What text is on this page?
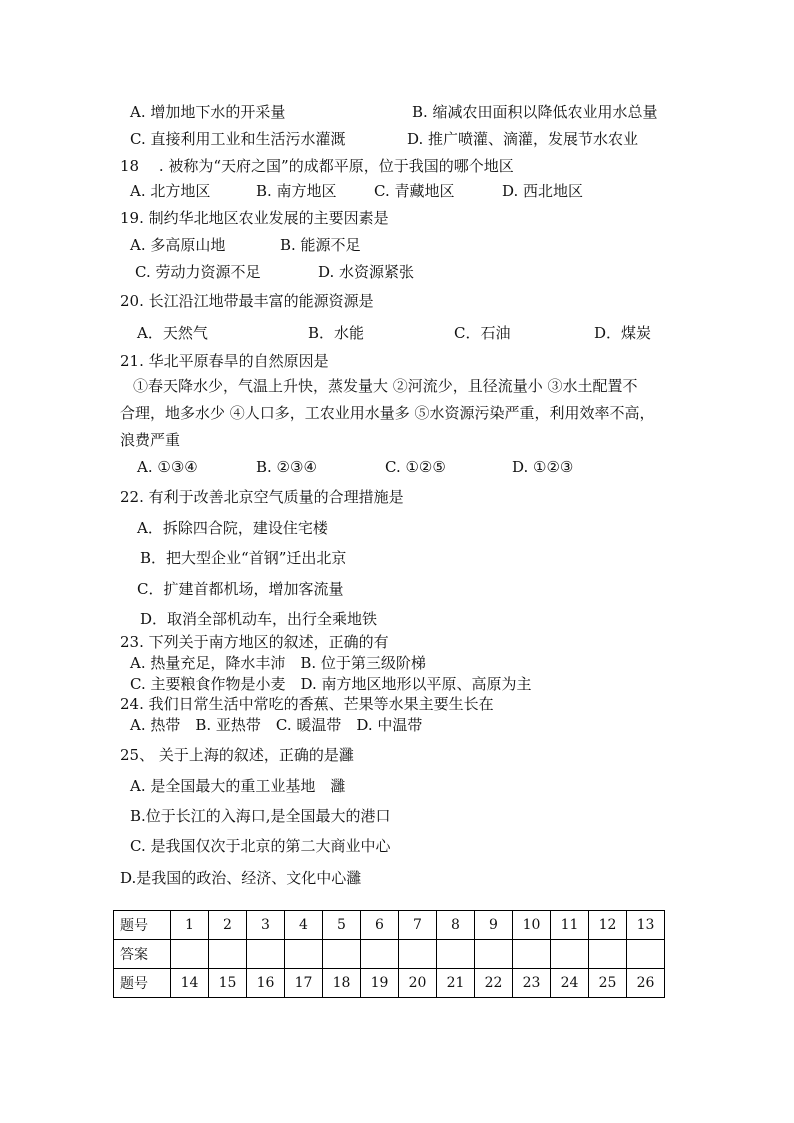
A. 增加地下水的开采量	B. 缩减农田面积以降低农业用水总量
C. 直接利用工业和生活污水灌溉	D. 推广喷灌、滴灌，发展节水农业
18　 . 被称为“天府之国”的成都平原，位于我国的哪个地区
A. 北方地区	B. 南方地区 C. 青藏地区	D. 西北地区
19. 制约华北地区农业发展的主要因素是
A. 多高原山地	B. 能源不足
C. 劳动力资源不足	D. 水资源紧张
20. 长江沿江地带最丰富的能源资源是
A．天然气	B．水能	C．石油	D．煤炭
21. 华北平原春旱的自然原因是
①春天降水少，气温上升快，蒸发量大 ②河流少，且径流量小 ③水土配置不
合理，地多水少 ④人口多，工农业用水量多 ⑤水资源污染严重，利用效率不高，
浪费严重
A. ①③④	B. ②③④	C. ①②⑤	D. ①②③
22. 有利于改善北京空气质量的合理措施是
A．拆除四合院，建设住宅楼
B．把大型企业“首钢”迁出北京
C．扩建首都机场，增加客流量
D．取消全部机动车，出行全乘地铁
23. 下列关于南方地区的叙述，正确的有
A. 热量充足，降水丰沛　B. 位于第三级阶梯
C. 主要粮食作物是小麦　D. 南方地区地形以平原、高原为主
24. 我们日常生活中常吃的香蕉、芒果等水果主要生长在
A. 热带　B. 亚热带　C. 暖温带　D. 中温带
25、 关于上海的叙述，正确的是灉
A. 是全国最大的重工业基地　灉
B.位于长江的入海口,是全国最大的港口
C. 是我国仅次于北京的第二大商业中心
D.是我国的政治、经济、文化中心灉
题号	1	2	3	4	5	6	7	8	9	10	11	12	13
答案													
题号	14	15	16	17	18	19	20	21	22	23	24	25	26
